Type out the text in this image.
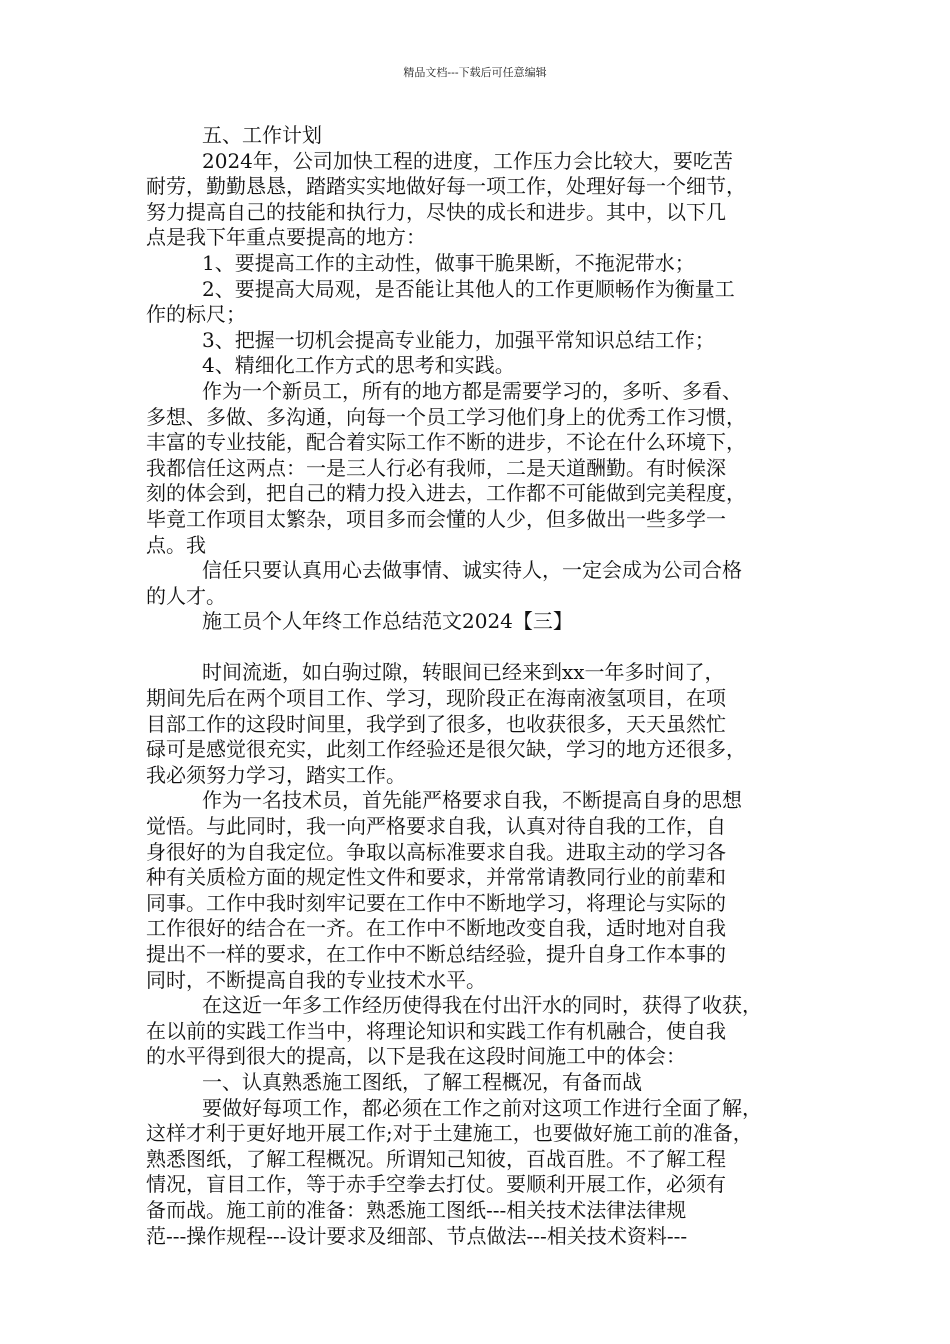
精品文档---下载后可任意编辑
五、工作计划
2024年，公司加快工程的进度，工作压力会比较大，要吃苦
耐劳，勤勤恳恳，踏踏实实地做好每一项工作，处理好每一个细节，
努力提高自己的技能和执行力，尽快的成长和进步。其中，以下几
点是我下年重点要提高的地方：
1、要提高工作的主动性，做事干脆果断，不拖泥带水；
2、要提高大局观，是否能让其他人的工作更顺畅作为衡量工
作的标尺；
3、把握一切机会提高专业能力，加强平常知识总结工作；
4、精细化工作方式的思考和实践。
作为一个新员工，所有的地方都是需要学习的，多听、多看、
多想、多做、多沟通，向每一个员工学习他们身上的优秀工作习惯，
丰富的专业技能，配合着实际工作不断的进步，不论在什么环境下，
我都信任这两点：一是三人行必有我师，二是天道酬勤。有时候深
刻的体会到，把自己的精力投入进去，工作都不可能做到完美程度，
毕竟工作项目太繁杂，项目多而会懂的人少，但多做出一些多学一
点。我
信任只要认真用心去做事情、诚实待人，一定会成为公司合格
的人才。
施工员个人年终工作总结范文2024【三】
时间流逝，如白驹过隙，转眼间已经来到xx一年多时间了，
期间先后在两个项目工作、学习，现阶段正在海南液氢项目，在项
目部工作的这段时间里，我学到了很多，也收获很多，天天虽然忙
碌可是感觉很充实，此刻工作经验还是很欠缺，学习的地方还很多，
我必须努力学习，踏实工作。
作为一名技术员，首先能严格要求自我，不断提高自身的思想
觉悟。与此同时，我一向严格要求自我，认真对待自我的工作，自
身很好的为自我定位。争取以高标准要求自我。进取主动的学习各
种有关质检方面的规定性文件和要求，并常常请教同行业的前辈和
同事。工作中我时刻牢记要在工作中不断地学习，将理论与实际的
工作很好的结合在一齐。在工作中不断地改变自我，适时地对自我
提出不一样的要求，在工作中不断总结经验，提升自身工作本事的
同时，不断提高自我的专业技术水平。
在这近一年多工作经历使得我在付出汗水的同时，获得了收获，
在以前的实践工作当中，将理论知识和实践工作有机融合，使自我
的水平得到很大的提高，以下是我在这段时间施工中的体会：
一、认真熟悉施工图纸，了解工程概况，有备而战
要做好每项工作，都必须在工作之前对这项工作进行全面了解，
这样才利于更好地开展工作;对于土建施工，也要做好施工前的准备，
熟悉图纸，了解工程概况。所谓知己知彼，百战百胜。不了解工程
情况，盲目工作，等于赤手空拳去打仗。要顺利开展工作，必须有
备而战。施工前的准备：熟悉施工图纸---相关技术法律法律规
范---操作规程---设计要求及细部、节点做法---相关技术资料---
